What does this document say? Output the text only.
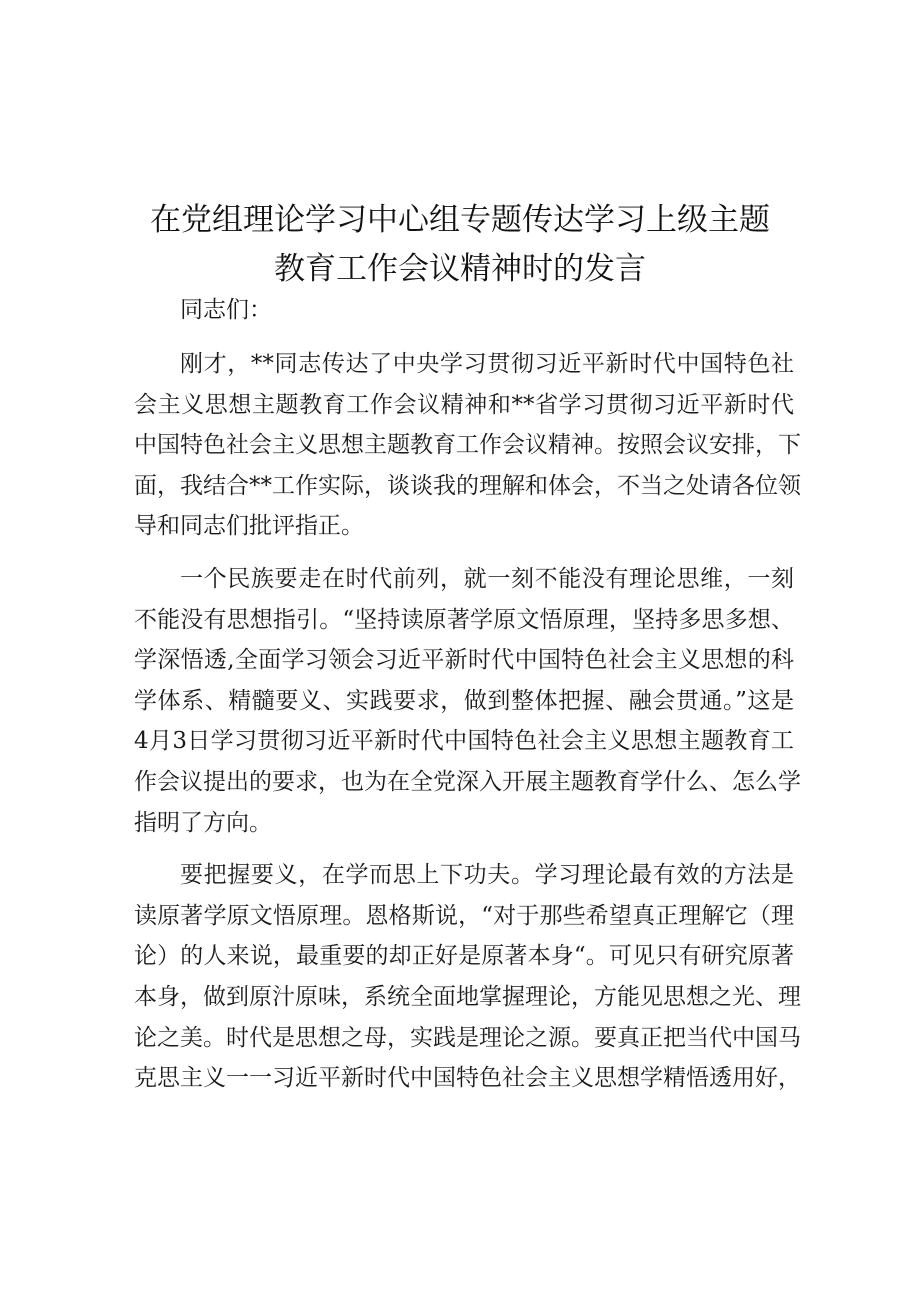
在党组理论学习中心组专题传达学习上级主题
教育工作会议精神时的发言
同志们：
刚才，**同志传达了中央学习贯彻习近平新时代中国特色社
会主义思想主题教育工作会议精神和**省学习贯彻习近平新时代
中国特色社会主义思想主题教育工作会议精神。按照会议安排，下
面，我结合**工作实际，谈谈我的理解和体会，不当之处请各位领
导和同志们批评指正。
一个民族要走在时代前列，就一刻不能没有理论思维，一刻
不能没有思想指引。“坚持读原著学原文悟原理，坚持多思多想、
学深悟透,全面学习领会习近平新时代中国特色社会主义思想的科
学体系、精髓要义、实践要求，做到整体把握、融会贯通。”这是
4月3日学习贯彻习近平新时代中国特色社会主义思想主题教育工
作会议提出的要求，也为在全党深入开展主题教育学什么、怎么学
指明了方向。
要把握要义，在学而思上下功夫。学习理论最有效的方法是
读原著学原文悟原理。恩格斯说，“对于那些希望真正理解它（理
论）的人来说，最重要的却正好是原著本身“。可见只有研究原著
本身，做到原汁原味，系统全面地掌握理论，方能见思想之光、理
论之美。时代是思想之母，实践是理论之源。要真正把当代中国马
克思主义一一习近平新时代中国特色社会主义思想学精悟透用好，
